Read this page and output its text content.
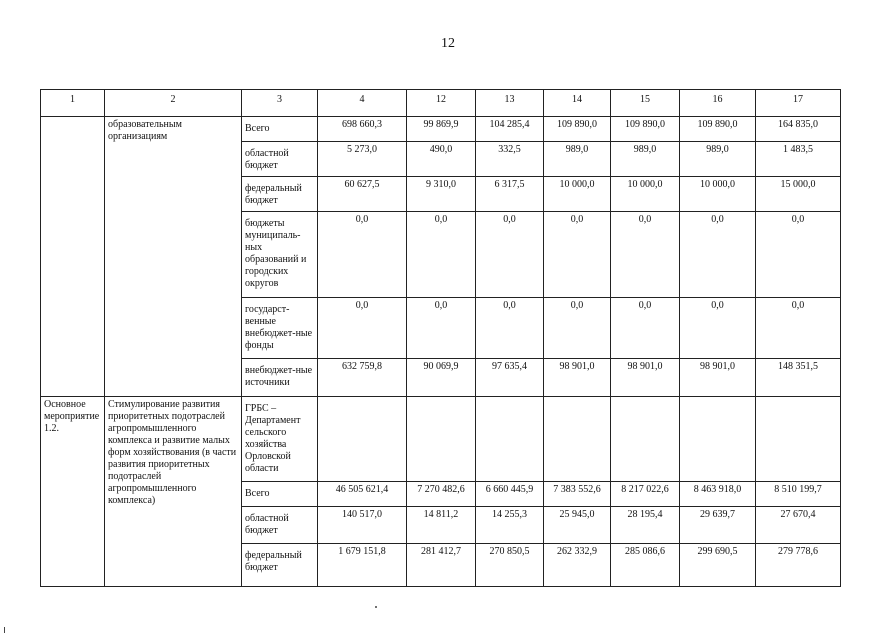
12
1	2	3	4	12	13	14	15	16	17
	образовательным организациям	Всего	698 660,3	99 869,9	104 285,4	109 890,0	109 890,0	109 890,0	164 835,0
		областной бюджет	5 273,0	490,0	332,5	989,0	989,0	989,0	1 483,5
		федеральный бюджет	60 627,5	9 310,0	6 317,5	10 000,0	10 000,0	10 000,0	15 000,0
		бюджеты муниципаль-ных образований и городских округов	0,0	0,0	0,0	0,0	0,0	0,0	0,0
		государст-венные внебюджет-ные фонды	0,0	0,0	0,0	0,0	0,0	0,0	0,0
		внебюджет-ные источники	632 759,8	90 069,9	97 635,4	98 901,0	98 901,0	98 901,0	148 351,5
Основное мероприятие 1.2.	Стимулирование развития приоритетных подотраслей агропромышленного комплекса и развитие малых форм хозяйствования (в части развития приоритетных подотраслей агропромышленного комплекса)	ГРБС – Департамент сельского хозяйства Орловской области							
		Всего	46 505 621,4	7 270 482,6	6 660 445,9	7 383 552,6	8 217 022,6	8 463 918,0	8 510 199,7
		областной бюджет	140 517,0	14 811,2	14 255,3	25 945,0	28 195,4	29 639,7	27 670,4
		федеральный бюджет	1 679 151,8	281 412,7	270 850,5	262 332,9	285 086,6	299 690,5	279 778,6
